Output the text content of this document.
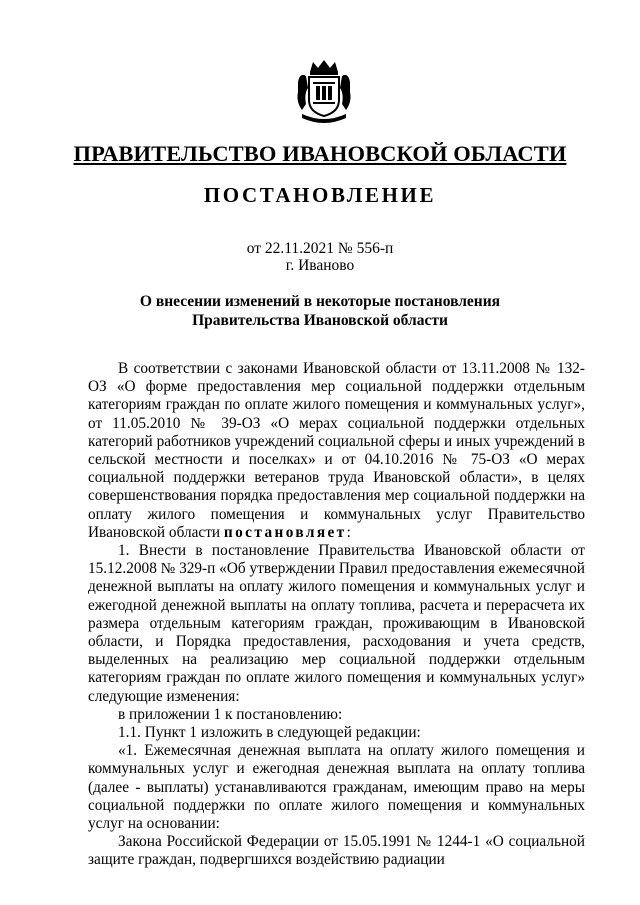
ПРАВИТЕЛЬСТВО ИВАНОВСКОЙ ОБЛАСТИ
ПОСТАНОВЛЕНИЕ
от 22.11.2021 № 556-п
г. Иваново
О внесении изменений в некоторые постановления
Правительства Ивановской области

В соответствии с законами Ивановской области от 13.11.2008 № 132-ОЗ «О форме предоставления мер социальной поддержки отдельным категориям граждан по оплате жилого помещения и коммунальных услуг», от 11.05.2010 № 39-ОЗ «О мерах социальной поддержки отдельных категорий работников учреждений социальной сферы и иных учреждений в сельской местности и поселках» и от 04.10.2016 № 75-ОЗ «О мерах социальной поддержки ветеранов труда Ивановской области», в целях совершенствования порядка предоставления мер социальной поддержки на оплату жилого помещения и коммунальных услуг Правительство Ивановской области постановляет:

1. Внести в постановление Правительства Ивановской области от 15.12.2008 № 329-п «Об утверждении Правил предоставления ежемесячной денежной выплаты на оплату жилого помещения и коммунальных услуг и ежегодной денежной выплаты на оплату топлива, расчета и перерасчета их размера отдельным категориям граждан, проживающим в Ивановской области, и Порядка предоставления, расходования и учета средств, выделенных на реализацию мер социальной поддержки отдельным категориям граждан по оплате жилого помещения и коммунальных услуг» следующие изменения:

в приложении 1 к постановлению:

1.1. Пункт 1 изложить в следующей редакции:

«1. Ежемесячная денежная выплата на оплату жилого помещения и коммунальных услуг и ежегодная денежная выплата на оплату топлива (далее - выплаты) устанавливаются гражданам, имеющим право на меры социальной поддержки по оплате жилого помещения и коммунальных услуг на основании:

Закона Российской Федерации от 15.05.1991 № 1244-1 «О социальной защите граждан, подвергшихся воздействию радиации
